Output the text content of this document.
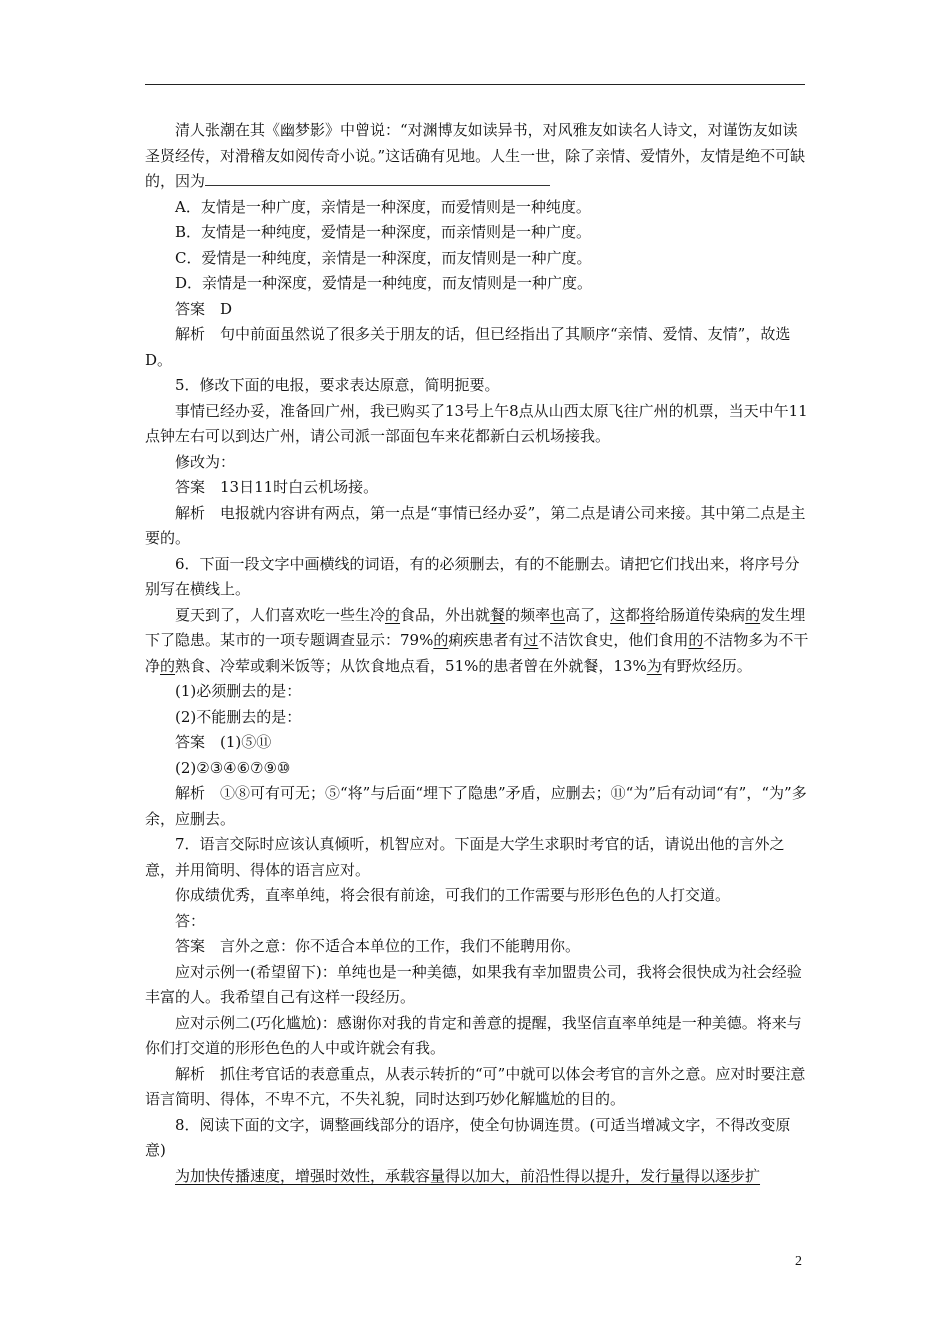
清人张潮在其《幽梦影》中曾说：“对渊博友如读异书，对风雅友如读名人诗文，对谨饬友如读圣贤经传，对滑稽友如阅传奇小说。”这话确有见地。人生一世，除了亲情、爱情外，友情是绝不可缺的，因为

A．友情是一种广度，亲情是一种深度，而爱情则是一种纯度。

B．友情是一种纯度，爱情是一种深度，而亲情则是一种广度。

C．爱情是一种纯度，亲情是一种深度，而友情则是一种广度。

D．亲情是一种深度，爱情是一种纯度，而友情则是一种广度。

答案　D

解析　句中前面虽然说了很多关于朋友的话，但已经指出了其顺序“亲情、爱情、友情”，故选D。

5．修改下面的电报，要求表达原意，简明扼要。

事情已经办妥，准备回广州，我已购买了13号上午8点从山西太原飞往广州的机票，当天中午11点钟左右可以到达广州，请公司派一部面包车来花都新白云机场接我。

修改为：

答案　13日11时白云机场接。

解析　电报就内容讲有两点，第一点是“事情已经办妥”，第二点是请公司来接。其中第二点是主要的。

6．下面一段文字中画横线的词语，有的必须删去，有的不能删去。请把它们找出来，将序号分别写在横线上。

夏天到了，人们喜欢吃一些生冷的食品，外出就餐的频率也高了，这都将给肠道传染病的发生埋下了隐患。某市的一项专题调查显示：79%的痢疾患者有过不洁饮食史，他们食用的不洁物多为不干净的熟食、冷荤或剩米饭等；从饮食地点看，51%的患者曾在外就餐，13%为有野炊经历。

(1)必须删去的是：

(2)不能删去的是：

答案　(1)⑤⑪

(2)②③④⑥⑦⑨⑩

解析　①⑧可有可无；⑤“将”与后面“埋下了隐患”矛盾，应删去；⑪“为”后有动词“有”，“为”多余，应删去。

7．语言交际时应该认真倾听，机智应对。下面是大学生求职时考官的话，请说出他的言外之意，并用简明、得体的语言应对。

你成绩优秀，直率单纯，将会很有前途，可我们的工作需要与形形色色的人打交道。

答：

答案　言外之意：你不适合本单位的工作，我们不能聘用你。

应对示例一(希望留下)：单纯也是一种美德，如果我有幸加盟贵公司，我将会很快成为社会经验丰富的人。我希望自己有这样一段经历。

应对示例二(巧化尴尬)：感谢你对我的肯定和善意的提醒，我坚信直率单纯是一种美德。将来与你们打交道的形形色色的人中或许就会有我。

解析　抓住考官话的表意重点，从表示转折的“可”中就可以体会考官的言外之意。应对时要注意语言简明、得体，不卑不亢，不失礼貌，同时达到巧妙化解尴尬的目的。

8．阅读下面的文字，调整画线部分的语序，使全句协调连贯。(可适当增减文字，不得改变原意)

为加快传播速度，增强时效性，承载容量得以加大，前沿性得以提升，发行量得以逐步扩

2
